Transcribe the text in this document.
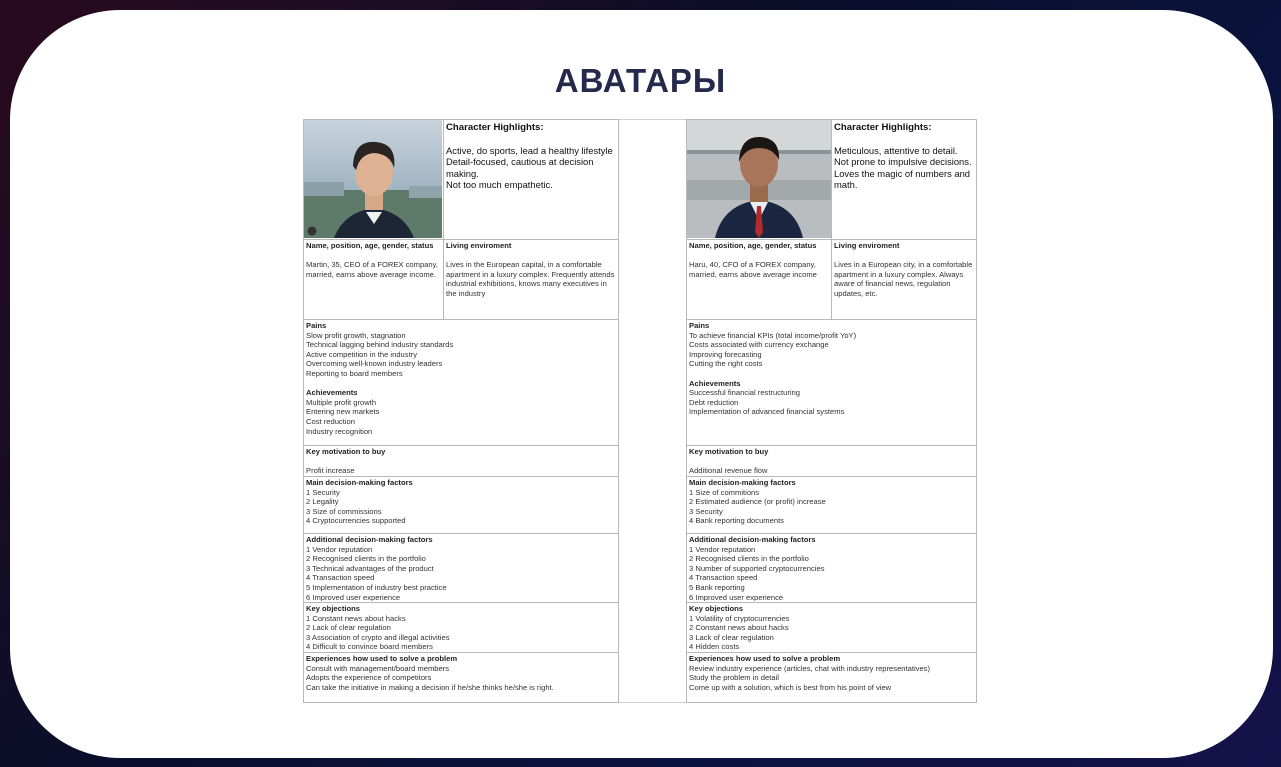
АВАТАРЫ
Character Highlights:

Active, do sports, lead a healthy lifestyle
Detail-focused, cautious at decision making.
Not too much empathetic.
Name, position, age, gender, status

Martin, 35, CEO of a FOREX company, married, earns above average income.
Living enviroment

Lives in the European capital, in a comfortable apartment in a luxury complex. Frequently attends industrial exhibitions, knows many executives in the industry
Pains
Slow profit growth, stagnation
Technical lagging behind industry standards
Active competition in the industry
Overcoming well-known industry leaders
Reporting to board members

Achievements
Multiple profit growth
Entering new markets
Cost reduction
Industry recognition
Key motivation to buy

Profit increase
Main decision-making factors
1 Security
2 Legality
3 Size of commissions
4 Cryptocurrencies supported
Additional decision-making factors
1 Vendor reputation
2 Recognised clients in the portfolio
3 Technical advantages of the product
4 Transaction speed
5 Implementation of industry best practice
6 Improved user experience
Key objections
1 Constant news about hacks
2 Lack of clear regulation
3 Association of crypto and illegal activities
4 Difficult to convince board members
Experiences how used to solve a problem
Consult with management/board members
Adopts the experience of competitors
Can take the initiative in making a decision if he/she thinks he/she is right.
Character Highlights:

Meticulous, attentive to detail. Not prone to impulsive decisions.
Loves the magic of numbers and math.
Name, position, age, gender, status

Haru, 40, CFO of a FOREX company, married, earns above average income
Living enviroment

Lives in a European city, in a comfortable apartment in a luxury complex. Always aware of financial news, regulation updates, etc.
Pains
To achieve financial KPIs (total income/profit YoY)
Costs associated with currency exchange
Improving forecasting
Cutting the right costs

Achievements
Successful financial restructuring
Debt reduction
Implementation of advanced financial systems
Key motivation to buy

Additional revenue flow
Main decision-making factors
1 Size of commitions
2 Estimated audience (or profit) increase
3 Security
4 Bank reporting documents
Additional decision-making factors
1 Vendor reputation
2 Recognised clients in the portfolio
3 Number of supported cryptocurrencies
4 Transaction speed
5 Bank reporting
6 Improved user experience
Key objections
1 Volatility of cryptocurrencies
2 Constant news about hacks
3 Lack of clear regulation
4 Hidden costs
Experiences how used to solve a problem
Review industry experience (articles, chat with industry representatives)
Study the problem in detail
Come up with a solution, which is best from his point of view
